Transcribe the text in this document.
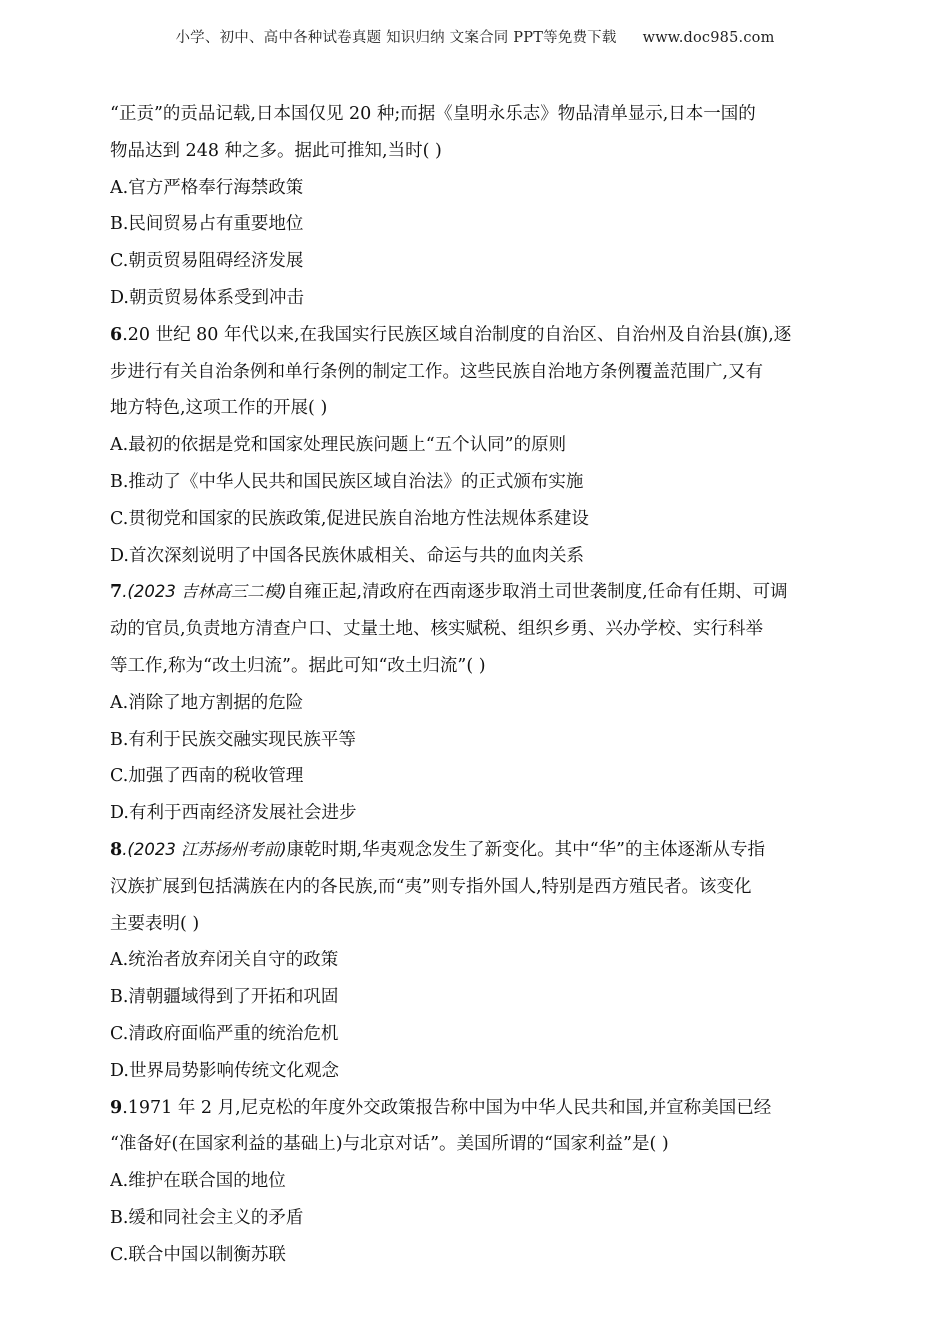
小学、初中、高中各种试卷真题 知识归纳 文案合同 PPT等免费下载 www.doc985.com
“正贡”的贡品记载,日本国仅见 20 种;而据《皇明永乐志》物品清单显示,日本一国的
物品达到 248 种之多。据此可推知,当时( )
A.官方严格奉行海禁政策
B.民间贸易占有重要地位
C.朝贡贸易阻碍经济发展
D.朝贡贸易体系受到冲击
6.20 世纪 80 年代以来,在我国实行民族区域自治制度的自治区、自治州及自治县(旗),逐
步进行有关自治条例和单行条例的制定工作。这些民族自治地方条例覆盖范围广,又有
地方特色,这项工作的开展( )
A.最初的依据是党和国家处理民族问题上“五个认同”的原则
B.推动了《中华人民共和国民族区域自治法》的正式颁布实施
C.贯彻党和国家的民族政策,促进民族自治地方性法规体系建设
D.首次深刻说明了中国各民族休戚相关、命运与共的血肉关系
7.(2023 吉林高三二模)自雍正起,清政府在西南逐步取消土司世袭制度,任命有任期、可调
动的官员,负责地方清查户口、丈量土地、核实赋税、组织乡勇、兴办学校、实行科举
等工作,称为“改土归流”。据此可知“改土归流”( )
A.消除了地方割据的危险
B.有利于民族交融实现民族平等
C.加强了西南的税收管理
D.有利于西南经济发展社会进步
8.(2023 江苏扬州考前)康乾时期,华夷观念发生了新变化。其中“华”的主体逐渐从专指
汉族扩展到包括满族在内的各民族,而“夷”则专指外国人,特别是西方殖民者。该变化
主要表明( )
A.统治者放弃闭关自守的政策
B.清朝疆域得到了开拓和巩固
C.清政府面临严重的统治危机
D.世界局势影响传统文化观念
9.1971 年 2 月,尼克松的年度外交政策报告称中国为中华人民共和国,并宣称美国已经
“准备好(在国家利益的基础上)与北京对话”。美国所谓的“国家利益”是( )
A.维护在联合国的地位
B.缓和同社会主义的矛盾
C.联合中国以制衡苏联
